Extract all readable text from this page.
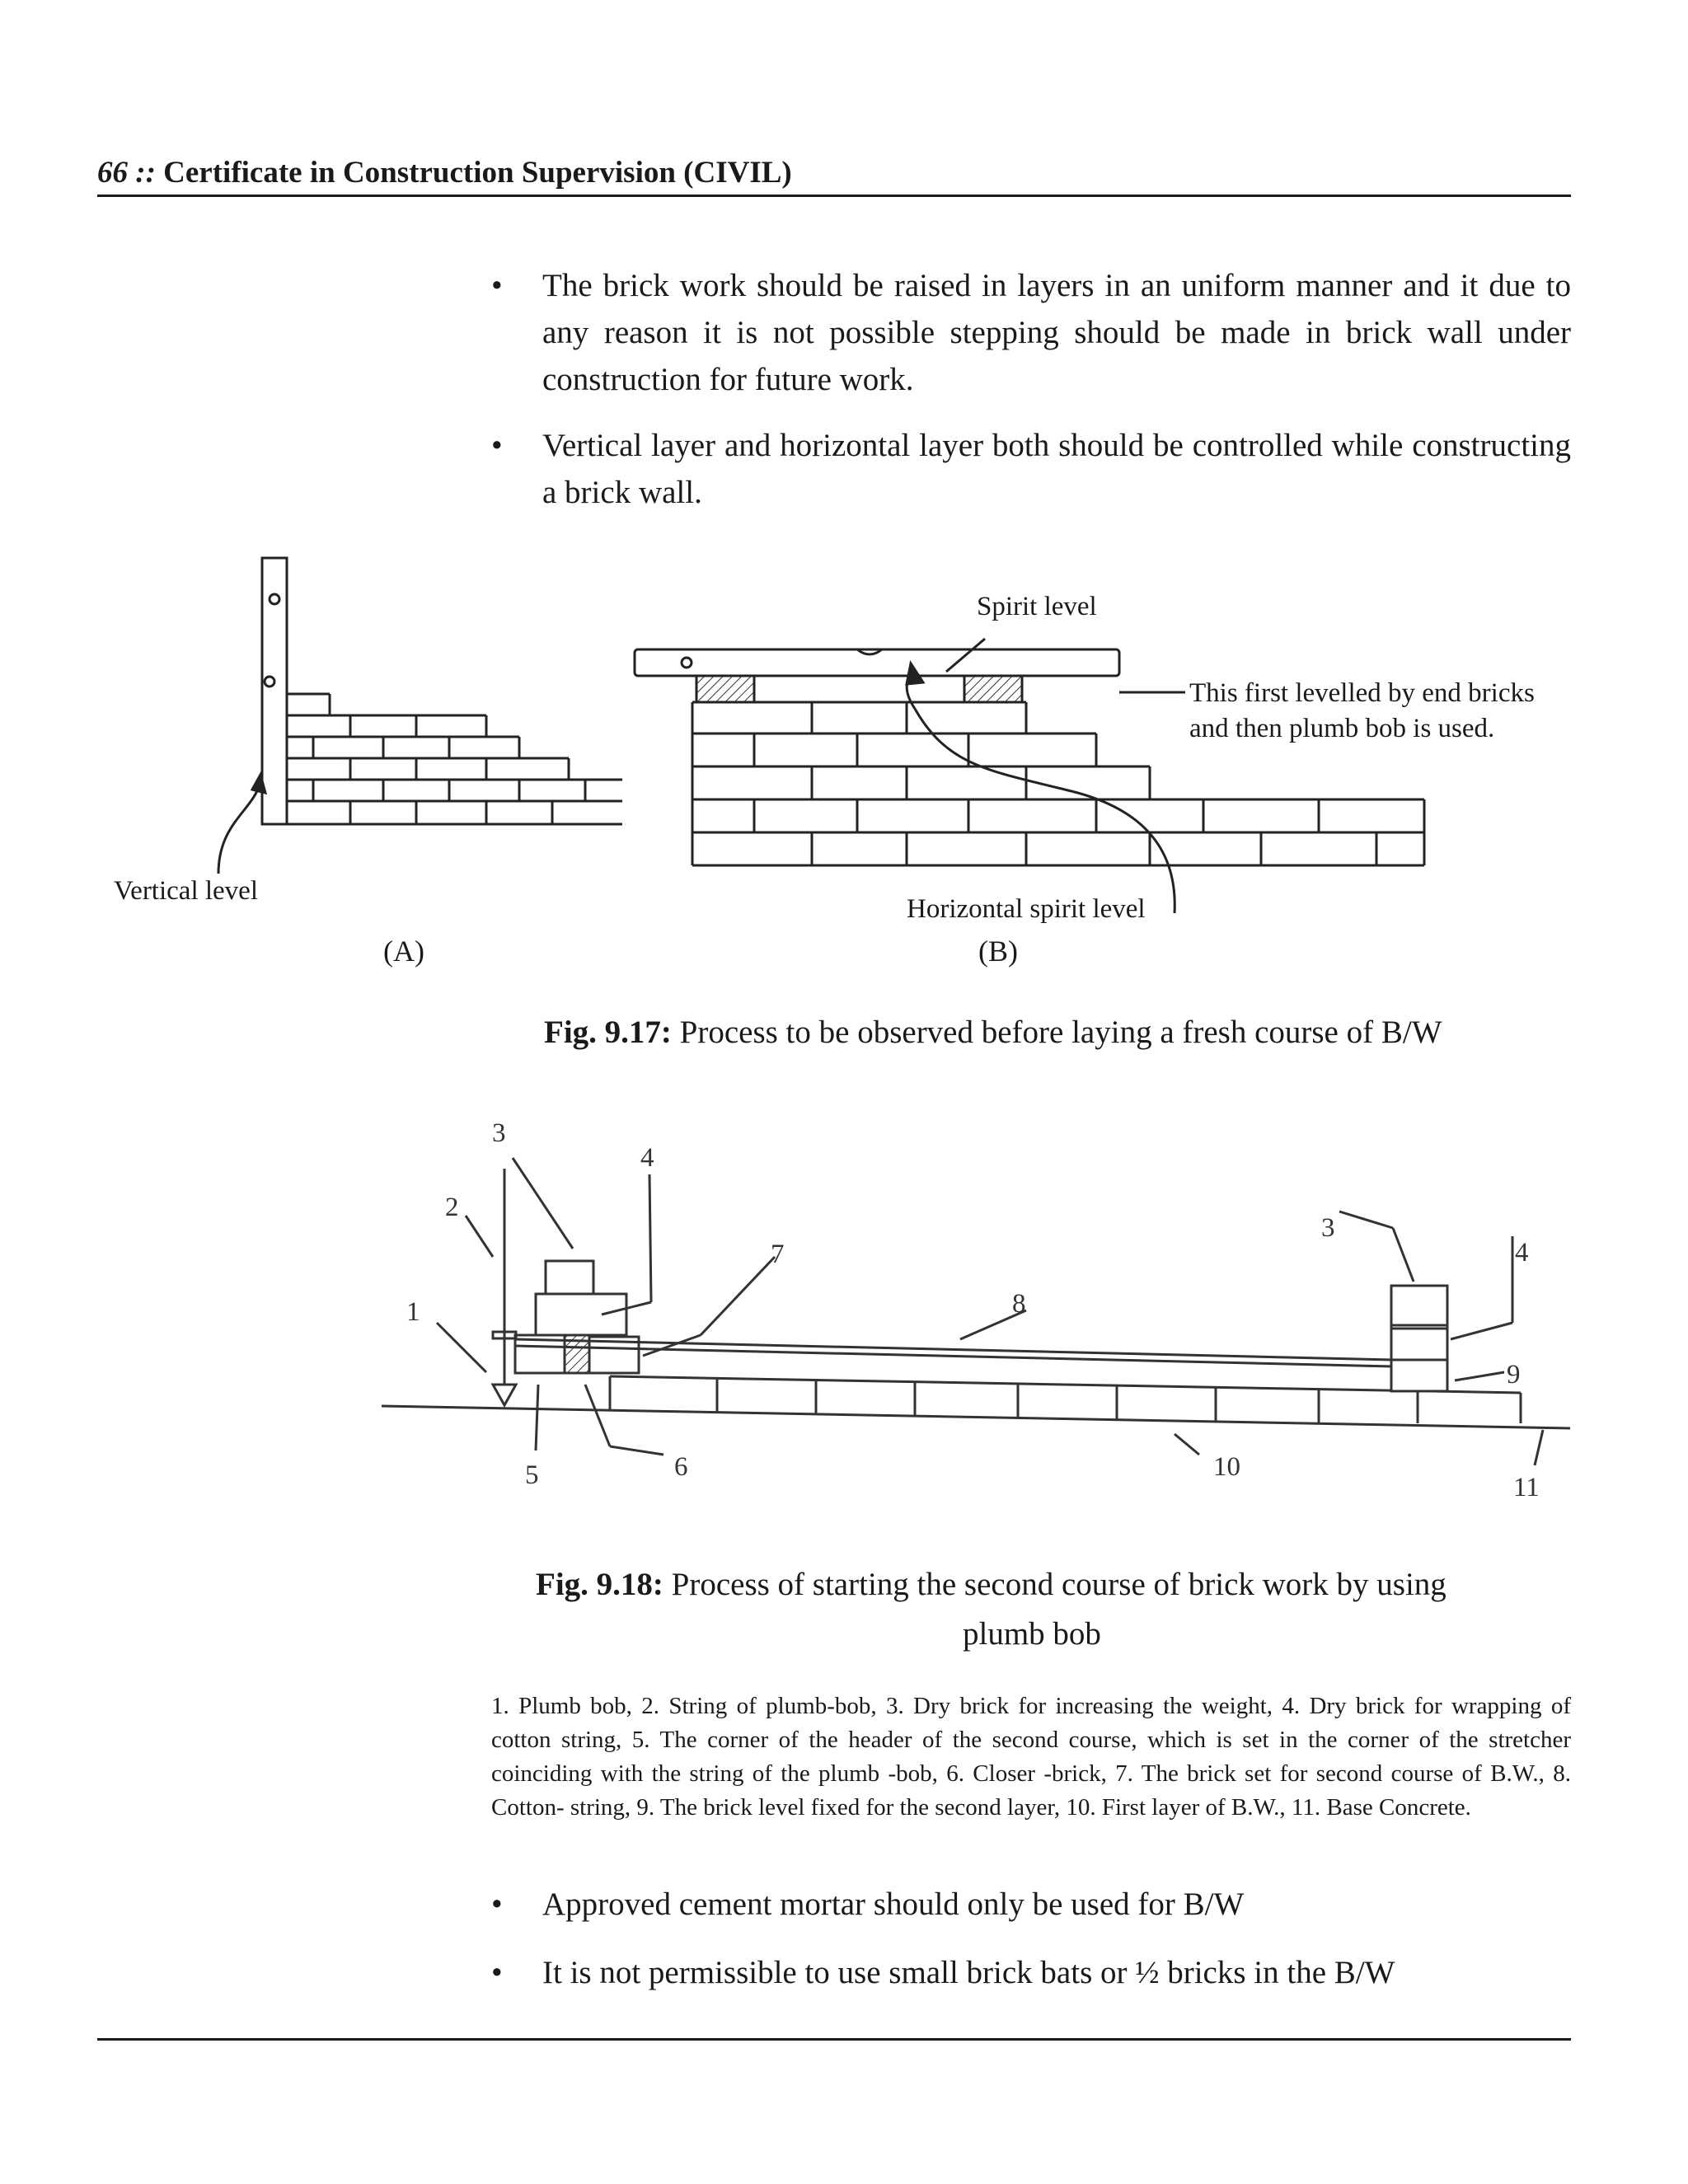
66 :: Certificate in Construction Supervision (CIVIL)
•	The brick work should be raised in layers in an uniform manner and it due to any reason it is not possible stepping should be made in brick wall under construction for future work.
•	Vertical layer and horizontal layer both should be controlled while constructing a brick wall.
Vertical level
Spirit level
This first levelled by end bricks
and then plumb bob is used.
Horizontal spirit level
(A)	(B)
Fig. 9.17: Process to be observed before laying a fresh course of B/W
1
2
3
4
5	6
7
8
9
10
11
3
4
Fig. 9.18: Process of starting the second course of brick work by using
plumb bob
1. Plumb bob, 2. String of plumb-bob, 3. Dry brick for increasing the weight, 4. Dry brick for wrapping of cotton string, 5. The corner of the header of the second course, which is set in the corner of the stretcher coinciding with the string of the plumb -bob, 6. Closer -brick, 7. The brick set for second course of B.W., 8. Cotton- string, 9. The brick level fixed for the second layer, 10. First layer of B.W., 11. Base Concrete.
•	Approved cement mortar should only be used for B/W
•	It is not permissible to use small brick bats or ½ bricks in the B/W
